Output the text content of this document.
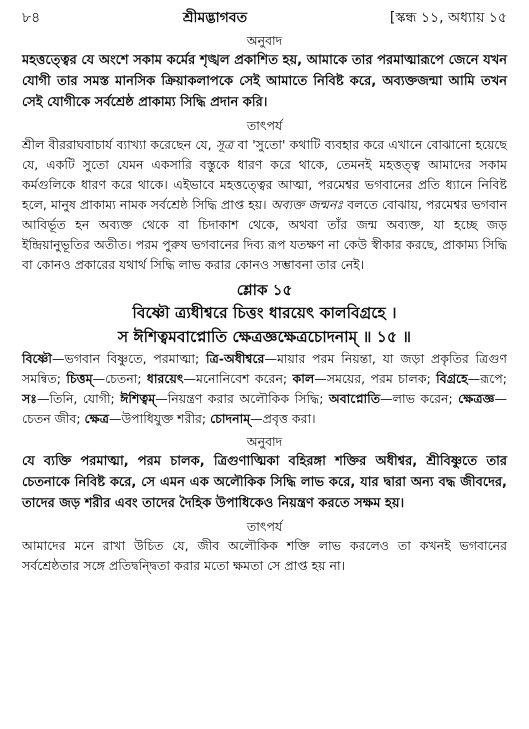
৮৪	শ্রীমদ্ভাগবত	[স্কন্ধ ১১, অধ্যায় ১৫
অনুবাদ
মহত্তত্ত্বের যে অংশে সকাম কর্মের শৃঙ্খল প্রকাশিত হয়, আমাকে তার পরমাত্মারূপে জেনে যখন যোগী তার সমস্ত মানসিক ক্রিয়াকলাপকে সেই আমাতে নিবিষ্ট করে, অব্যক্তজন্মা আমি তখন সেই যোগীকে সর্বশ্রেষ্ঠ প্রাকাম্য সিদ্ধি প্রদান করি।
তাৎপর্য
শ্রীল বীররাঘবাচার্য ব্যাখ্যা করেছেন যে, সূত্র বা 'সুতো' কথাটি ব্যবহার করে এখানে বোঝানো হয়েছে যে, একটি সুতো যেমন একসারি বস্তুকে ধারণ করে থাকে, তেমনই মহত্তত্ত্ব আমাদের সকাম কর্মগুলিকে ধারণ করে থাকে। এইভাবে মহত্তত্ত্বের আত্মা, পরমেশ্বর ভগবানের প্রতি ধ্যানে নিবিষ্ট হলে, মানুষ প্রাকাম্য নামক সর্বশ্রেষ্ঠ সিদ্ধি প্রাপ্ত হয়। অব্যক্ত জন্মনঃ বলতে বোঝায়, পরমেশ্বর ভগবান আবির্ভূত হন অব্যক্ত থেকে বা চিদাকাশ থেকে, অথবা তাঁর জন্ম অব্যক্ত, যা হচ্ছে জড় ইন্দ্রিয়ানুভূতির অতীত। পরম পুরুষ ভগবানের দিব্য রূপ যতক্ষণ না কেউ স্বীকার করছে, প্রাকাম্য সিদ্ধি বা কোনও প্রকারের যথার্থ সিদ্ধি লাভ করার কোনও সম্ভাবনা তার নেই।
শ্লোক ১৫
বিষ্ণৌ ত্র্যধীশ্বরে চিত্তং ধারয়েৎ কালবিগ্রহে ।
স ঈশিত্বমবাপ্নোতি ক্ষেত্রজ্ঞক্ষেত্রচোদনাম্‌ ॥ ১৫ ॥
বিষ্ণৌ—ভগবান বিষ্ণুতে, পরমাত্মা; ত্রি-অধীশ্বরে—মায়ার পরম নিয়ন্তা, যা জড়া প্রকৃতির ত্রিগুণ সমন্বিত; চিত্তম্‌—চেতনা; ধারয়েৎ—মনোনিবেশ করেন; কাল—সময়ের, পরম চালক; বিগ্রহে—রূপে; সঃ—তিনি, যোগী; ঈশিত্বম্‌—নিয়ন্ত্রণ করার অলৌকিক সিদ্ধি; অবাপ্নোতি—লাভ করেন; ক্ষেত্রজ্ঞ—চেতন জীব; ক্ষেত্র—উপাধিযুক্ত শরীর; চোদনাম্‌—প্রবৃত্ত করা।
অনুবাদ
যে ব্যক্তি পরমাত্মা, পরম চালক, ত্রিগুণাত্মিকা বহিরঙ্গা শক্তির অধীশ্বর, শ্রীবিষ্ণুতে তার চেতনাকে নিবিষ্ট করে, সে এমন এক অলৌকিক সিদ্ধি লাভ করে, যার দ্বারা অন্য বদ্ধ জীবদের, তাদের জড় শরীর এবং তাদের দৈহিক উপাধিকেও নিয়ন্ত্রণ করতে সক্ষম হয়।
তাৎপর্য
আমাদের মনে রাখা উচিত যে, জীব অলৌকিক শক্তি লাভ করলেও তা কখনই ভগবানের সর্বশ্রেষ্ঠতার সঙ্গে প্রতিদ্বন্দ্বিতা করার মতো ক্ষমতা সে প্রাপ্ত হয় না।
